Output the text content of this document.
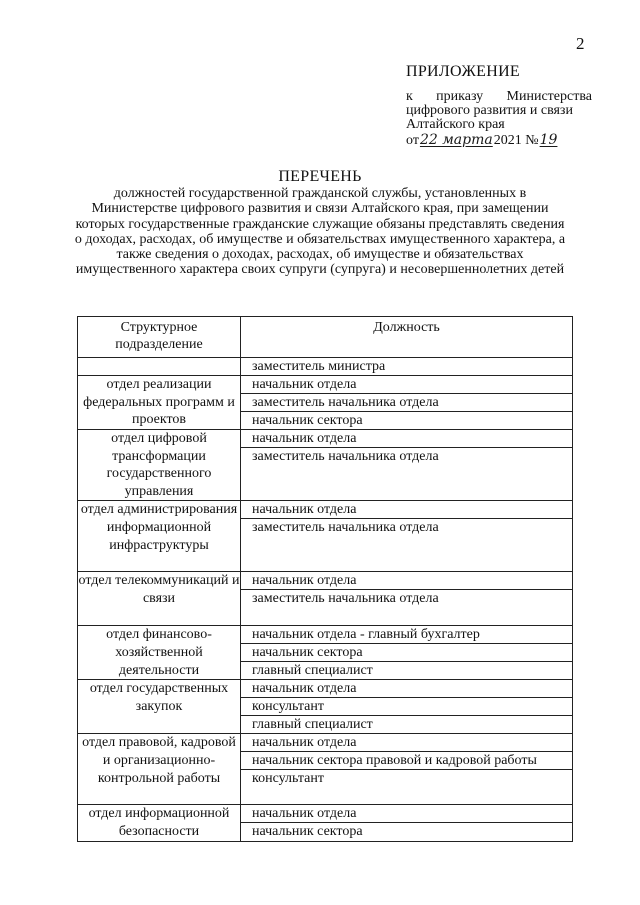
2
ПРИЛОЖЕНИЕ
к приказу Министерства
цифрового развития и связи
Алтайского края
от 22 марта 2021 № 19
ПЕРЕЧЕНЬ
должностей государственной гражданской службы, установленных в Министерстве цифрового развития и связи Алтайского края, при замещении которых государственные гражданские служащие обязаны представлять сведения о доходах, расходах, об имуществе и обязательствах имущественного характера, а также сведения о доходах, расходах, об имуществе и обязательствах имущественного характера своих супруги (супруга) и несовершеннолетних детей
Структурное подразделение	Должность

	заместитель министра

отдел реализации федеральных программ и проектов	начальник отдела
заместитель начальника отдела
начальник сектора

отдел цифровой трансформации государственного управления	начальник отдела
заместитель начальника отдела

отдел администрирования информационной инфраструктуры	начальник отдела
заместитель начальника отдела

отдел телекоммуникаций и связи	начальник отдела
заместитель начальника отдела

отдел финансово-хозяйственной деятельности	начальник отдела - главный бухгалтер
начальник сектора
главный специалист

отдел государственных закупок	начальник отдела
консультант
главный специалист

отдел правовой, кадровой и организационно-контрольной работы	начальник отдела
начальник сектора правовой и кадровой работы
консультант

отдел информационной безопасности	начальник отдела
начальник сектора
